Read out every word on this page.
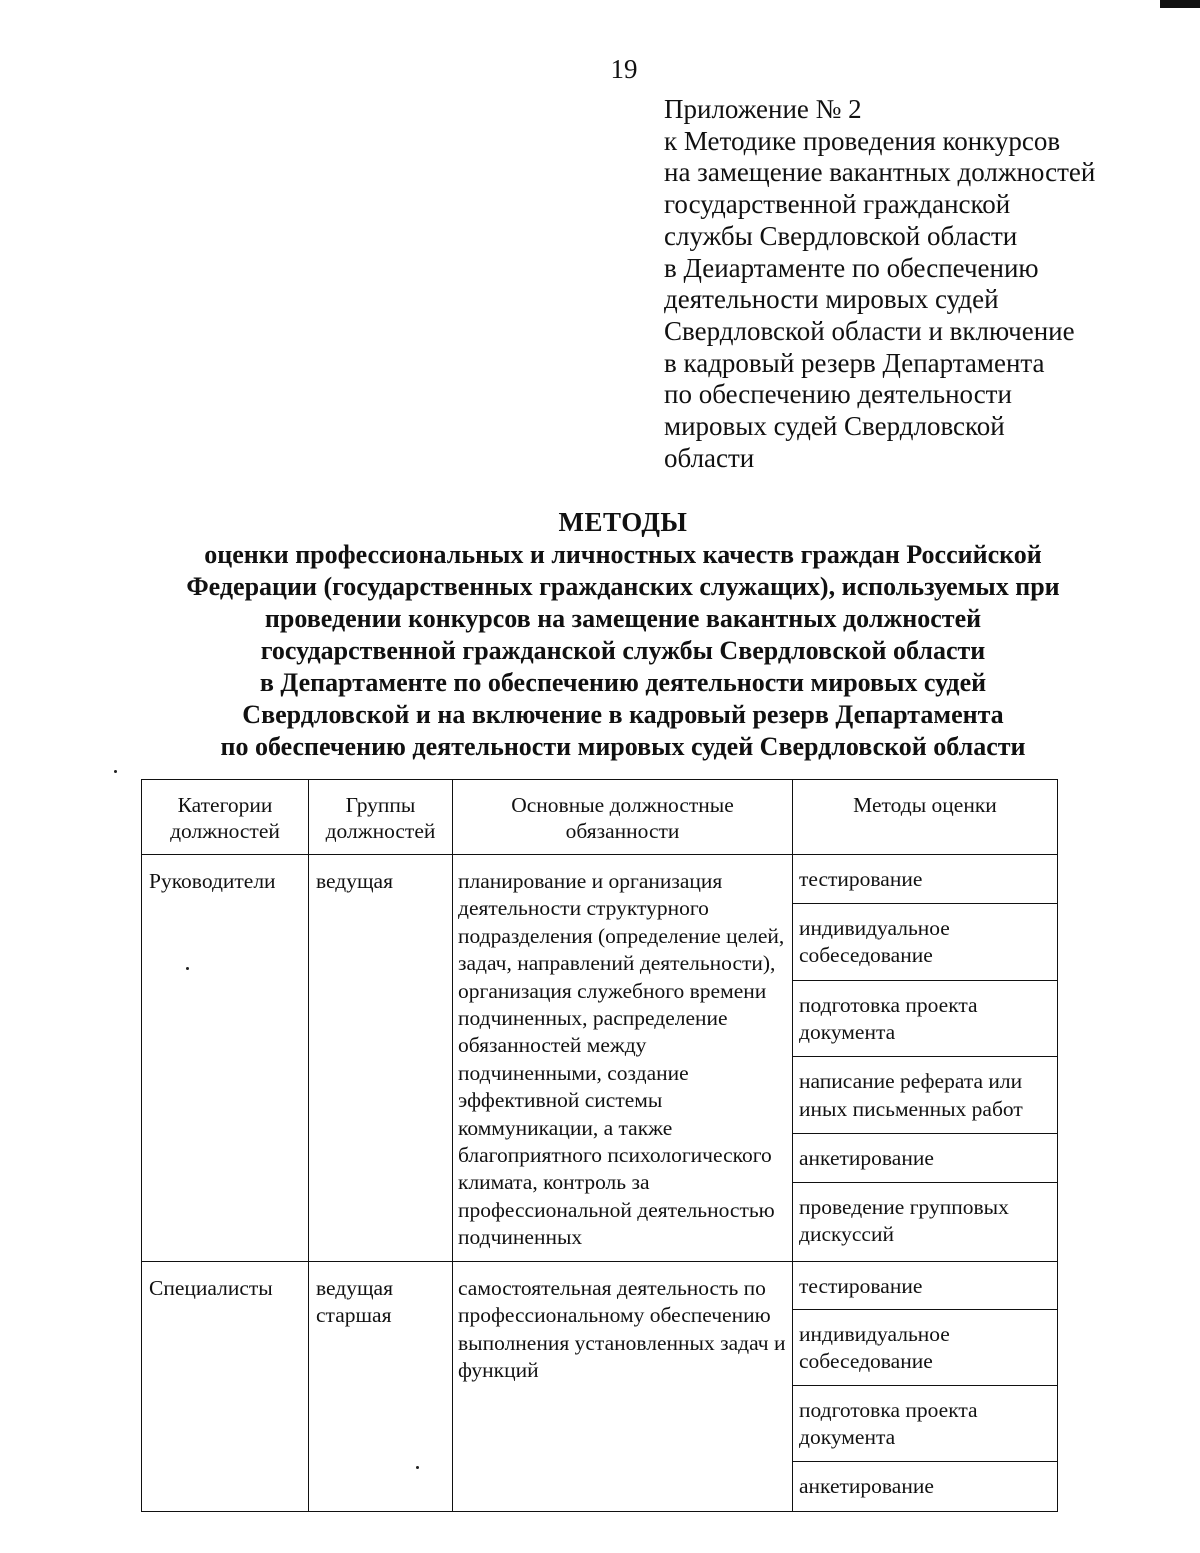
19
Приложение № 2
к Методике проведения конкурсов
на замещение вакантных должностей
государственной гражданской
службы Свердловской области
в Деиартаменте по обеспечению
деятельности мировых судей
Свердловской области и включение
в кадровый резерв Департамента
по обеспечению деятельности
мировых судей Свердловской
области
МЕТОДЫ
оценки профессиональных и личностных качеств граждан Российской
Федерации (государственных гражданских служащих), используемых при
проведении конкурсов на замещение вакантных должностей
государственной гражданской службы Свердловской области
в Департаменте по обеспечению деятельности мировых судей
Свердловской и на включение в кадровый резерв Департамента
по обеспечению деятельности мировых судей Свердловской области
Категории должностей	Группы должностей	Основные должностные обязанности	Методы оценки

Руководители	ведущая	планирование и организация деятельности структурного подразделения (определение целей, задач, направлений деятельности), организация служебного времени подчиненных, распределение обязанностей между подчиненными, создание эффективной системы коммуникации, а также благоприятного психологического климата, контроль за профессиональной деятельностью подчиненных	тестирование

			индивидуальное собеседование

			подготовка проекта документа

			написание реферата или иных письменных работ

			анкетирование

			проведение групповых дискуссий

Специалисты	ведущая старшая	самостоятельная деятельность по профессиональному обеспечению выполнения установленных задач и функций	тестирование

			индивидуальное собеседование

			подготовка проекта документа

			анкетирование
